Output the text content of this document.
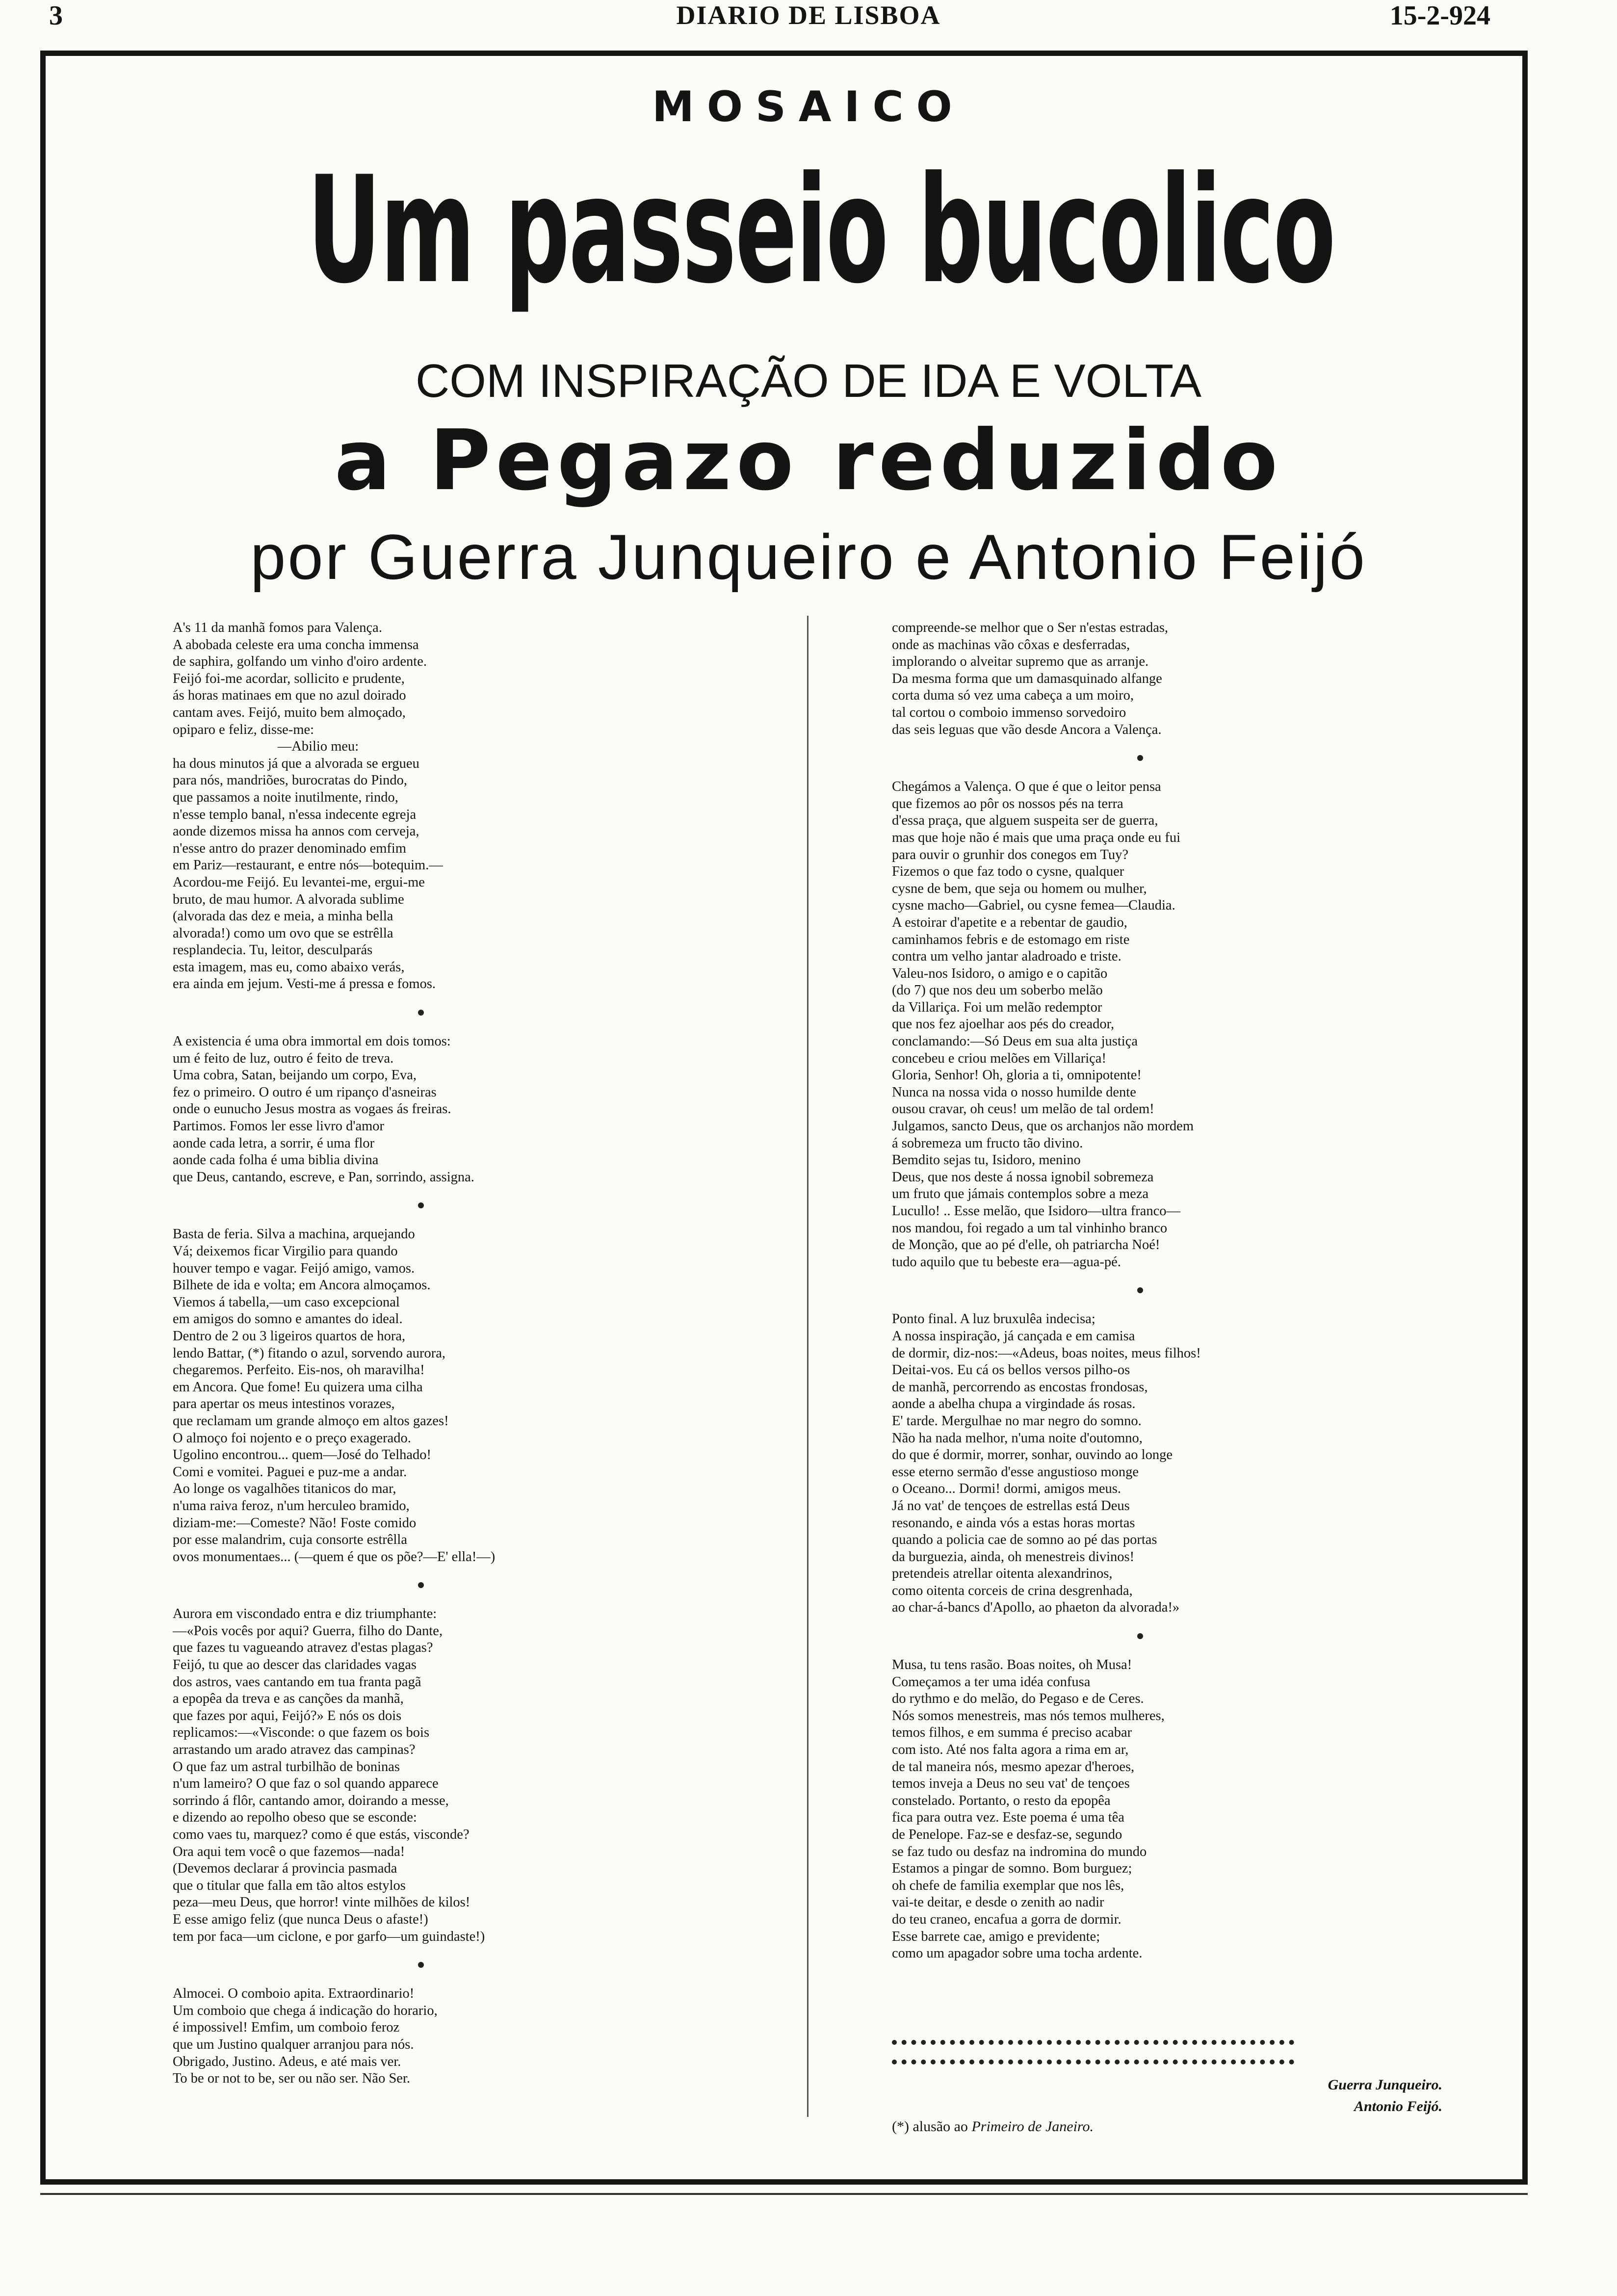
3	DIARIO DE LISBOA	15-2-924
MOSAICO
Um passeio bucolico
COM INSPIRAÇÃO DE IDA E VOLTA
a Pegazo reduzido
por Guerra Junqueiro e Antonio Feijó

A's 11 da manhã fomos para Valença.

A abobada celeste era uma concha immensa

de saphira, golfando um vinho d'oiro ardente.

Feijó foi-me acordar, sollicito e prudente,

ás horas matinaes em que no azul doirado

cantam aves. Feijó, muito bem almoçado,

opiparo e feliz, disse-me:

—Abilio meu:

ha dous minutos já que a alvorada se ergueu

para nós, mandriões, burocratas do Pindo,

que passamos a noite inutilmente, rindo,

n'esse templo banal, n'essa indecente egreja

aonde dizemos missa ha annos com cerveja,

n'esse antro do prazer denominado emfim

em Pariz—restaurant, e entre nós—botequim.—

Acordou-me Feijó. Eu levantei-me, ergui-me

bruto, de mau humor. A alvorada sublime

(alvorada das dez e meia, a minha bella

alvorada!) como um ovo que se estrêlla

resplandecia. Tu, leitor, desculparás

esta imagem, mas eu, como abaixo verás,

era ainda em jejum. Vesti-me á pressa e fomos.

A existencia é uma obra immortal em dois tomos:

um é feito de luz, outro é feito de treva.

Uma cobra, Satan, beijando um corpo, Eva,

fez o primeiro. O outro é um ripanço d'asneiras

onde o eunucho Jesus mostra as vogaes ás freiras.

Partimos. Fomos ler esse livro d'amor

aonde cada letra, a sorrir, é uma flor

aonde cada folha é uma biblia divina

que Deus, cantando, escreve, e Pan, sorrindo, assigna.

Basta de feria. Silva a machina, arquejando

Vá; deixemos ficar Virgilio para quando

houver tempo e vagar. Feijó amigo, vamos.

Bilhete de ida e volta; em Ancora almoçamos.

Viemos á tabella,—um caso excepcional

em amigos do somno e amantes do ideal.

Dentro de 2 ou 3 ligeiros quartos de hora,

lendo Battar, (*) fitando o azul, sorvendo aurora,

chegaremos. Perfeito. Eis-nos, oh maravilha!

em Ancora. Que fome! Eu quizera uma cilha

para apertar os meus intestinos vorazes,

que reclamam um grande almoço em altos gazes!

O almoço foi nojento e o preço exagerado.

Ugolino encontrou... quem—José do Telhado!

Comi e vomitei. Paguei e puz-me a andar.

Ao longe os vagalhões titanicos do mar,

n'uma raiva feroz, n'um herculeo bramido,

diziam-me:—Comeste? Não! Foste comido

por esse malandrim, cuja consorte estrêlla

ovos monumentaes... (—quem é que os põe?—E' ella!—)

Aurora em viscondado entra e diz triumphante:

—«Pois vocês por aqui? Guerra, filho do Dante,

que fazes tu vagueando atravez d'estas plagas?

Feijó, tu que ao descer das claridades vagas

dos astros, vaes cantando em tua franta pagã

a epopêa da treva e as canções da manhã,

que fazes por aqui, Feijó?» E nós os dois

replicamos:—«Visconde: o que fazem os bois

arrastando um arado atravez das campinas?

O que faz um astral turbilhão de boninas

n'um lameiro? O que faz o sol quando apparece

sorrindo á flôr, cantando amor, doirando a messe,

e dizendo ao repolho obeso que se esconde:

como vaes tu, marquez? como é que estás, visconde?

Ora aqui tem você o que fazemos—nada!

(Devemos declarar á provincia pasmada

que o titular que falla em tão altos estylos

peza—meu Deus, que horror! vinte milhões de kilos!

E esse amigo feliz (que nunca Deus o afaste!)

tem por faca—um ciclone, e por garfo—um guindaste!)

Almocei. O comboio apita. Extraordinario!

Um comboio que chega á indicação do horario,

é impossivel! Emfim, um comboio feroz

que um Justino qualquer arranjou para nós.

Obrigado, Justino. Adeus, e até mais ver.

To be or not to be, ser ou não ser. Não Ser.

compreende-se melhor que o Ser n'estas estradas,

onde as machinas vão côxas e desferradas,

implorando o alveitar supremo que as arranje.

Da mesma forma que um damasquinado alfange

corta duma só vez uma cabeça a um moiro,

tal cortou o comboio immenso sorvedoiro

das seis leguas que vão desde Ancora a Valença.

Chegámos a Valença. O que é que o leitor pensa

que fizemos ao pôr os nossos pés na terra

d'essa praça, que alguem suspeita ser de guerra,

mas que hoje não é mais que uma praça onde eu fui

para ouvir o grunhir dos conegos em Tuy?

Fizemos o que faz todo o cysne, qualquer

cysne de bem, que seja ou homem ou mulher,

cysne macho—Gabriel, ou cysne femea—Claudia.

A estoirar d'apetite e a rebentar de gaudio,

caminhamos febris e de estomago em riste

contra um velho jantar aladroado e triste.

Valeu-nos Isidoro, o amigo e o capitão

(do 7) que nos deu um soberbo melão

da Villariça. Foi um melão redemptor

que nos fez ajoelhar aos pés do creador,

conclamando:—Só Deus em sua alta justiça

concebeu e criou melões em Villariça!

Gloria, Senhor! Oh, gloria a ti, omnipotente!

Nunca na nossa vida o nosso humilde dente

ousou cravar, oh ceus! um melão de tal ordem!

Julgamos, sancto Deus, que os archanjos não mordem

á sobremeza um fructo tão divino.

Bemdito sejas tu, Isidoro, menino

Deus, que nos deste á nossa ignobil sobremeza

um fruto que jámais contemplos sobre a meza

Lucullo! .. Esse melão, que Isidoro—ultra franco—

nos mandou, foi regado a um tal vinhinho branco

de Monção, que ao pé d'elle, oh patriarcha Noé!

tudo aquilo que tu bebeste era—agua-pé.

Ponto final. A luz bruxulêa indecisa;

A nossa inspiração, já cançada e em camisa

de dormir, diz-nos:—«Adeus, boas noites, meus filhos!

Deitai-vos. Eu cá os bellos versos pilho-os

de manhã, percorrendo as encostas frondosas,

aonde a abelha chupa a virgindade ás rosas.

E' tarde. Mergulhae no mar negro do somno.

Não ha nada melhor, n'uma noite d'outomno,

do que é dormir, morrer, sonhar, ouvindo ao longe

esse eterno sermão d'esse angustioso monge

o Oceano... Dormi! dormi, amigos meus.

Já no vat' de tençoes de estrellas está Deus

resonando, e ainda vós a estas horas mortas

quando a policia cae de somno ao pé das portas

da burguezia, ainda, oh menestreis divinos!

pretendeis atrellar oitenta alexandrinos,

como oitenta corceis de crina desgrenhada,

ao char-á-bancs d'Apollo, ao phaeton da alvorada!»

Musa, tu tens rasão. Boas noites, oh Musa!

Começamos a ter uma idéa confusa

do rythmo e do melão, do Pegaso e de Ceres.

Nós somos menestreis, mas nós temos mulheres,

temos filhos, e em summa é preciso acabar

com isto. Até nos falta agora a rima em ar,

de tal maneira nós, mesmo apezar d'heroes,

temos inveja a Deus no seu vat' de tençoes

constelado. Portanto, o resto da epopêa

fica para outra vez. Este poema é uma têa

de Penelope. Faz-se e desfaz-se, segundo

se faz tudo ou desfaz na indromina do mundo

Estamos a pingar de somno. Bom burguez;

oh chefe de familia exemplar que nos lês,

vai-te deitar, e desde o zenith ao nadir

do teu craneo, encafua a gorra de dormir.

Esse barrete cae, amigo e previdente;

como um apagador sobre uma tocha ardente.

Guerra Junqueiro.
Antonio Feijó.
(*) alusão ao Primeiro de Janeiro.
